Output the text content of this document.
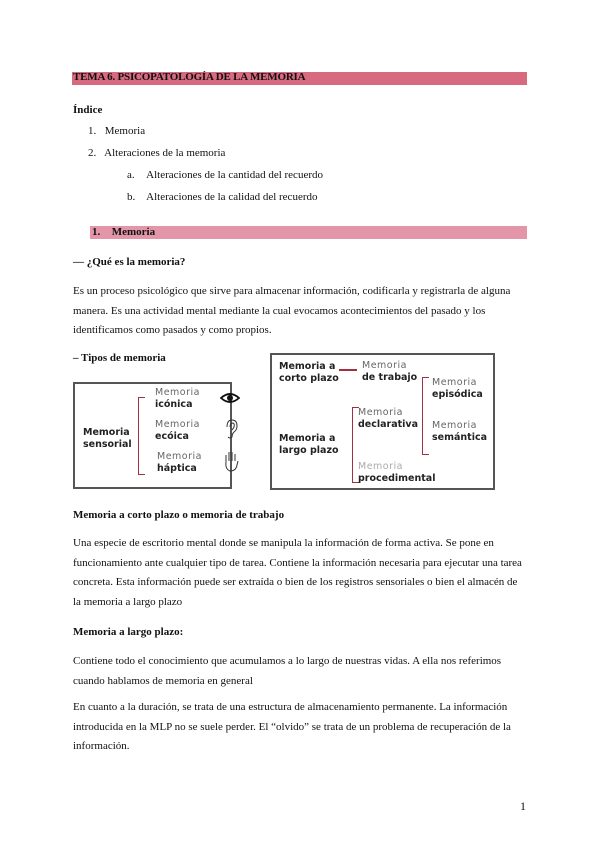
TEMA 6. PSICOPATOLOGÍA DE LA MEMORIA
Índice
1. Memoria
2. Alteraciones de la memoria
a. Alteraciones de la cantidad del recuerdo
b. Alteraciones de la calidad del recuerdo
1. Memoria
— ¿Qué es la memoria?
Es un proceso psicológico que sirve para almacenar información, codificarla y registrarla de alguna
manera. Es una actividad mental mediante la cual evocamos acontecimientos del pasado y los
identificamos como pasados y como propios.
– Tipos de memoria
Memoria
sensorial
Memoria
icónica
Memoria
ecóica
Memoria
háptica
Memoria a
corto plazo
Memoria
de trabajo Memoria
episódica
Memoria
semántica
Memoria
declarativa
Memoria a
largo plazo
Memoria
procedimental
Memoria a corto plazo o memoria de trabajo
Una especie de escritorio mental donde se manipula la información de forma activa. Se pone en
funcionamiento ante cualquier tipo de tarea. Contiene la información necesaria para ejecutar una tarea
concreta. Esta información puede ser extraída o bien de los registros sensoriales o bien el almacén de
la memoria a largo plazo
Memoria a largo plazo:
Contiene todo el conocimiento que acumulamos a lo largo de nuestras vidas. A ella nos referimos
cuando hablamos de memoria en general
En cuanto a la duración, se trata de una estructura de almacenamiento permanente. La información
introducida en la MLP no se suele perder. El “olvido” se trata de un problema de recuperación de la
información.
1
